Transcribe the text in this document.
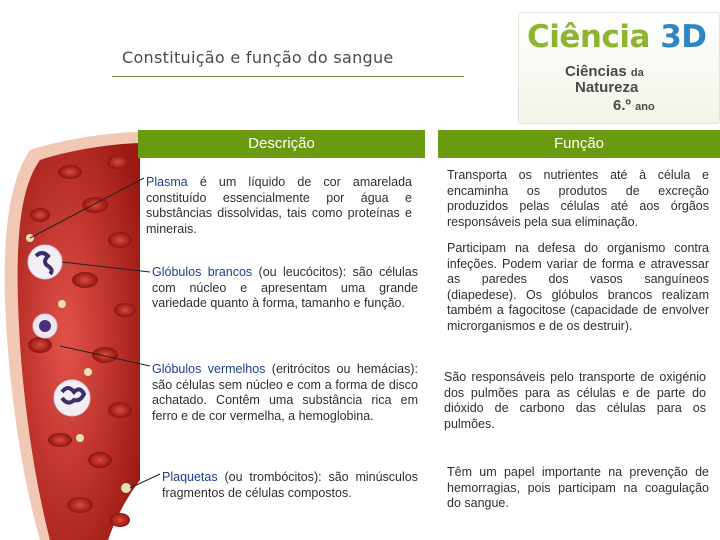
Constituição e função do sangue
Ciência 3D
Ciências da
Natureza
6.º ano
Descrição	Função
Plasma é um líquido de cor amarelada constituído essencialmente por água e substâncias dissolvidas, tais como proteínas e minerais.
Glóbulos brancos (ou leucócitos): são células com núcleo e apresentam uma grande variedade quanto à forma, tamanho e função.
Glóbulos vermelhos (eritrócitos ou hemácias): são células sem núcleo e com a forma de disco achatado. Contêm uma substância rica em ferro e de cor vermelha, a hemoglobina.
Plaquetas (ou trombócitos): são minúsculos fragmentos de células compostos.
Transporta os nutrientes até à célula e encaminha os produtos de excreção produzidos pelas células até aos órgãos responsáveis pela sua eliminação.
Participam na defesa do organismo contra infeções. Podem variar de forma e atravessar as paredes dos vasos sanguíneos (diapedese). Os glóbulos brancos realizam também a fagocitose (capacidade de envolver microrganismos e de os destruir).
São responsáveis pelo transporte de oxigénio dos pulmões para as células e de parte do dióxido de carbono das células para os pulmões.
Têm um papel importante na prevenção de hemorragias, pois participam na coagulação do sangue.
